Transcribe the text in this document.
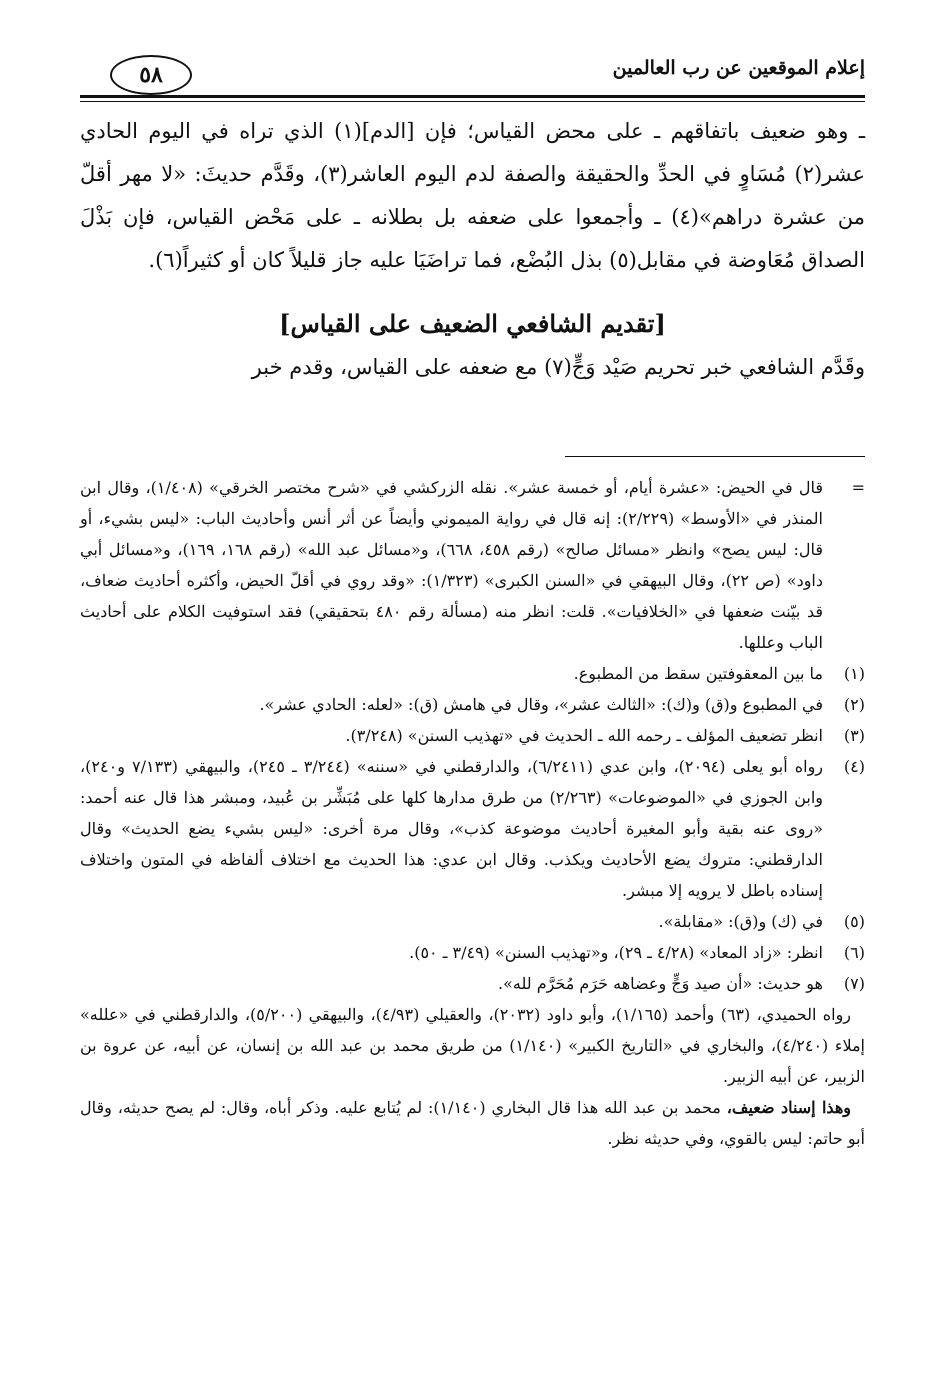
إعلام الموقعين عن رب العالمين
٥٨

ـ وهو ضعيف باتفاقهم ـ على محض القياس؛ فإن [الدم](١) الذي تراه في اليوم الحادي عشر(٢) مُسَاوٍ في الحدِّ والحقيقة والصفة لدم اليوم العاشر(٣)، وقَدَّم حديثَ: «لا مهر أقلّ من عشرة دراهم»(٤) ـ وأجمعوا على ضعفه بل بطلانه ـ على مَحْض القياس، فإن بَذْلَ الصداق مُعَاوضة في مقابل(٥) بذل البُضْع، فما تراضَيَا عليه جاز قليلاً كان أو كثيراً(٦).

[تقديم الشافعي الضعيف على القياس]

وقَدَّم الشافعي خبر تحريم صَيْد وَجٍّ(٧) مع ضعفه على القياس، وقدم خبر

=
قال في الحيض: «عشرة أيام، أو خمسة عشر». نقله الزركشي في «شرح مختصر الخرقي» (١/٤٠٨)، وقال ابن المنذر في «الأوسط» (٢/٢٢٩): إنه قال في رواية الميموني وأيضاً عن أثر أنس وأحاديث الباب: «ليس بشيء، أو قال: ليس يصح» وانظر «مسائل صالح» (رقم ٤٥٨، ٦٦٨)، و«مسائل عبد الله» (رقم ١٦٨، ١٦٩)، و«مسائل أبي داود» (ص ٢٢)، وقال البيهقي في «السنن الكبرى» (١/٣٢٣): «وقد روي في أقلّ الحيض، وأكثره أحاديث ضعاف، قد بيّنت ضعفها في «الخلافيات». قلت: انظر منه (مسألة رقم ٤٨٠ بتحقيقي) فقد استوفيت الكلام على أحاديث الباب وعللها.
(١)
ما بين المعقوفتين سقط من المطبوع.
(٢)
في المطبوع و(ق) و(ك): «الثالث عشر»، وقال في هامش (ق): «لعله: الحادي عشر».
(٣)
انظر تضعيف المؤلف ـ رحمه الله ـ الحديث في «تهذيب السنن» (٣/٢٤٨).
(٤)
رواه أبو يعلى (٢٠٩٤)، وابن عدي (٦/٢٤١١)، والدارقطني في «سننه» (٣/٢٤٤ ـ ٢٤٥)، والبيهقي (٧/١٣٣ و٢٤٠)، وابن الجوزي في «الموضوعات» (٢/٢٦٣) من طرق مدارها كلها على مُبَشِّر بن عُبيد، ومبشر هذا قال عنه أحمد: «روى عنه بقية وأبو المغيرة أحاديث موضوعة كذب»، وقال مرة أخرى: «ليس بشيء يضع الحديث» وقال الدارقطني: متروك يضع الأحاديث ويكذب. وقال ابن عدي: هذا الحديث مع اختلاف ألفاظه في المتون واختلاف إسناده باطل لا يرويه إلا مبشر.
(٥)
في (ك) و(ق): «مقابلة».
(٦)
انظر: «زاد المعاد» (٤/٢٨ ـ ٢٩)، و«تهذيب السنن» (٣/٤٩ ـ ٥٠).
(٧)
هو حديث: «أن صيد وَجٍّ وعضاهه حَرَم مُحَرَّم لله».

رواه الحميدي، (٦٣) وأحمد (١/١٦٥)، وأبو داود (٢٠٣٢)، والعقيلي (٤/٩٣)، والبيهقي (٥/٢٠٠)، والدارقطني في «علله» إملاء (٤/٢٤٠)، والبخاري في «التاريخ الكبير» (١/١٤٠) من طريق محمد بن عبد الله بن إنسان، عن أبيه، عن عروة بن الزبير، عن أبيه الزبير.

وهذا إسناد ضعيف، محمد بن عبد الله هذا قال البخاري (١/١٤٠): لم يُتابع عليه. وذكر أباه، وقال: لم يصح حديثه، وقال أبو حاتم: ليس بالقوي، وفي حديثه نظر.
